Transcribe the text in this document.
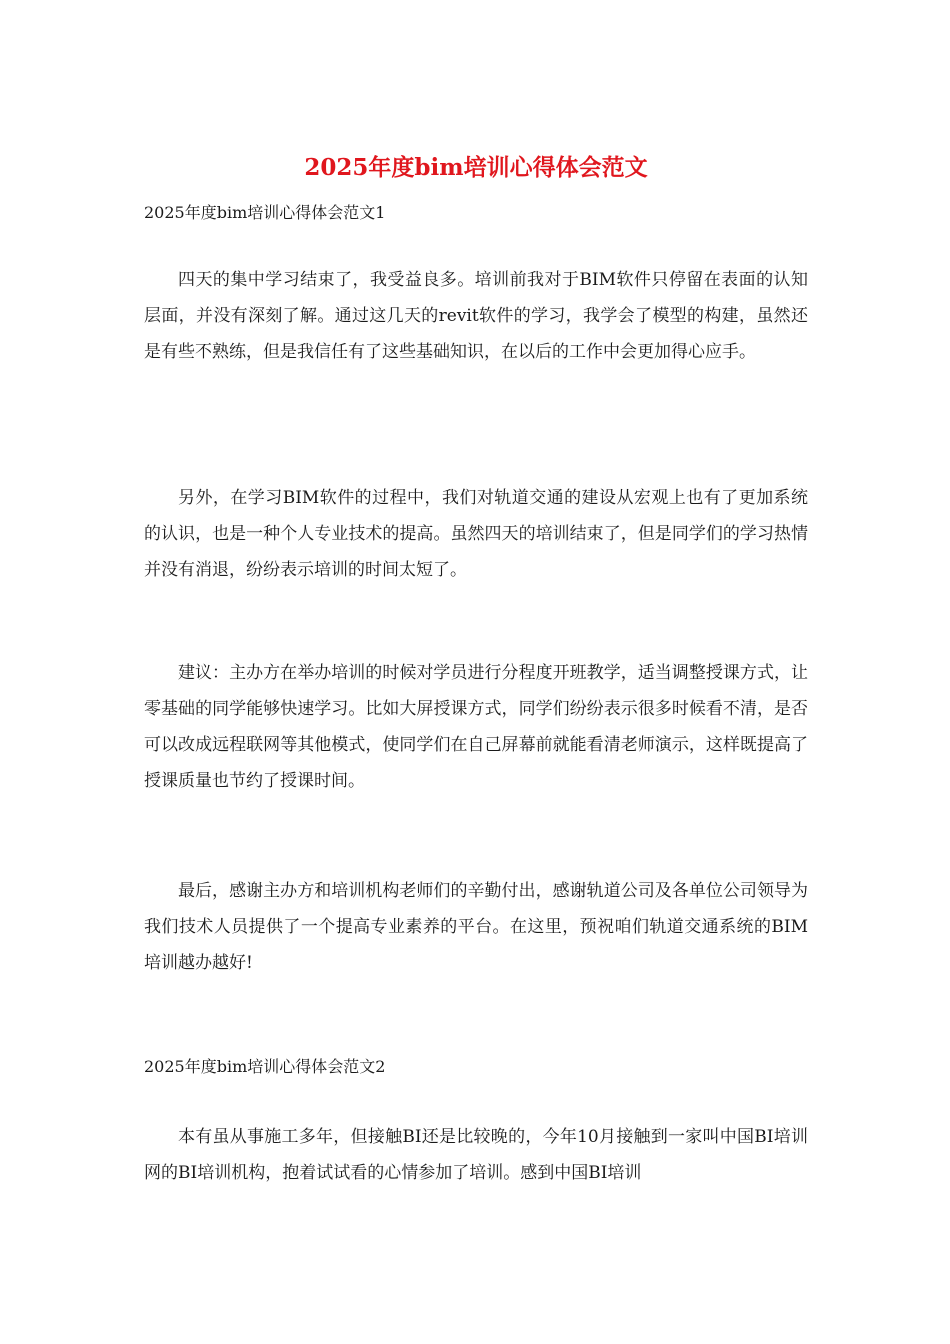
2025年度bim培训心得体会范文
2025年度bim培训心得体会范文1

四天的集中学习结束了，我受益良多。培训前我对于BIM软件只停留在表面的认知层面，并没有深刻了解。通过这几天的revit软件的学习，我学会了模型的构建，虽然还是有些不熟练，但是我信任有了这些基础知识，在以后的工作中会更加得心应手。

另外，在学习BIM软件的过程中，我们对轨道交通的建设从宏观上也有了更加系统的认识，也是一种个人专业技术的提高。虽然四天的培训结束了，但是同学们的学习热情并没有消退，纷纷表示培训的时间太短了。

建议：主办方在举办培训的时候对学员进行分程度开班教学，适当调整授课方式，让零基础的同学能够快速学习。比如大屏授课方式，同学们纷纷表示很多时候看不清，是否可以改成远程联网等其他模式，使同学们在自己屏幕前就能看清老师演示，这样既提高了授课质量也节约了授课时间。

最后，感谢主办方和培训机构老师们的辛勤付出，感谢轨道公司及各单位公司领导为我们技术人员提供了一个提高专业素养的平台。在这里，预祝咱们轨道交通系统的BIM培训越办越好!

2025年度bim培训心得体会范文2

本有虽从事施工多年，但接触BI还是比较晚的，今年10月接触到一家叫中国BI培训网的BI培训机构，抱着试试看的心情参加了培训。感到中国BI培训
